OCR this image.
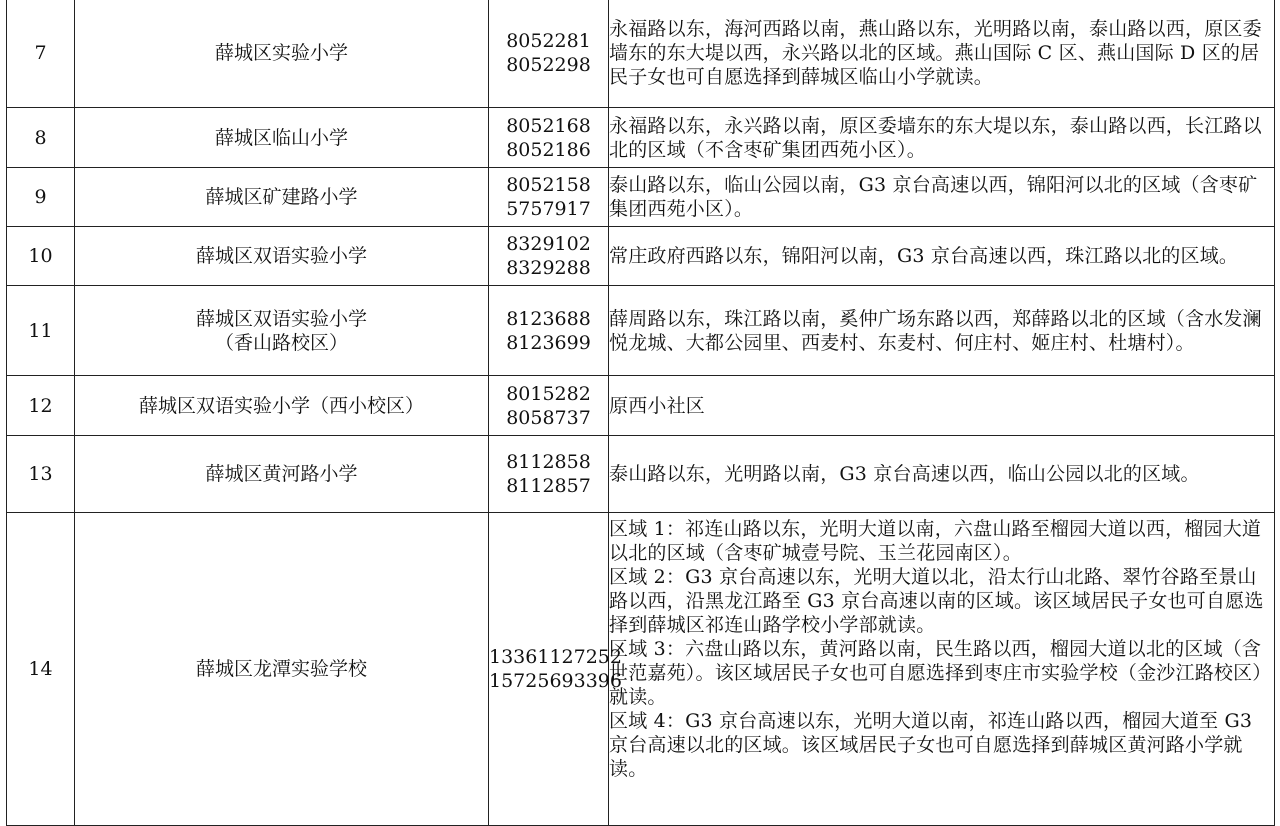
7	薛城区实验小学	8052281
8052298	永福路以东，海河西路以南，燕山路以东，光明路以南，泰山路以西，原区委墙东的东大堤以西，永兴路以北的区域。燕山国际 C 区、燕山国际 D 区的居民子女也可自愿选择到薛城区临山小学就读。

8	薛城区临山小学	8052168
8052186	永福路以东，永兴路以南，原区委墙东的东大堤以东，泰山路以西，长江路以北的区域（不含枣矿集团西苑小区）。

9	薛城区矿建路小学	8052158
5757917	泰山路以东，临山公园以南，G3 京台高速以西，锦阳河以北的区域（含枣矿集团西苑小区）。

10	薛城区双语实验小学	8329102
8329288	常庄政府西路以东，锦阳河以南，G3 京台高速以西，珠江路以北的区域。

11	薛城区双语实验小学
（香山路校区）	8123688
8123699	薛周路以东，珠江路以南，奚仲广场东路以西，郑薛路以北的区域（含水发澜悦龙城、大都公园里、西麦村、东麦村、何庄村、姬庄村、杜塘村）。

12	薛城区双语实验小学（西小校区）	8015282
8058737	原西小社区

13	薛城区黄河路小学	8112858
8112857	泰山路以东，光明路以南，G3 京台高速以西，临山公园以北的区域。

14	薛城区龙潭实验学校	13361127252
15725693396	区域 1：祁连山路以东，光明大道以南，六盘山路至榴园大道以西，榴园大道以北的区域（含枣矿城壹号院、玉兰花园南区）。
区域 2：G3 京台高速以东，光明大道以北，沿太行山北路、翠竹谷路至景山路以西，沿黑龙江路至 G3 京台高速以南的区域。该区域居民子女也可自愿选择到薛城区祁连山路学校小学部就读。
区域 3：六盘山路以东，黄河路以南，民生路以西，榴园大道以北的区域（含世范嘉苑）。该区域居民子女也可自愿选择到枣庄市实验学校（金沙江路校区）就读。
区域 4：G3 京台高速以东，光明大道以南，祁连山路以西，榴园大道至 G3 京台高速以北的区域。该区域居民子女也可自愿选择到薛城区黄河路小学就读。
